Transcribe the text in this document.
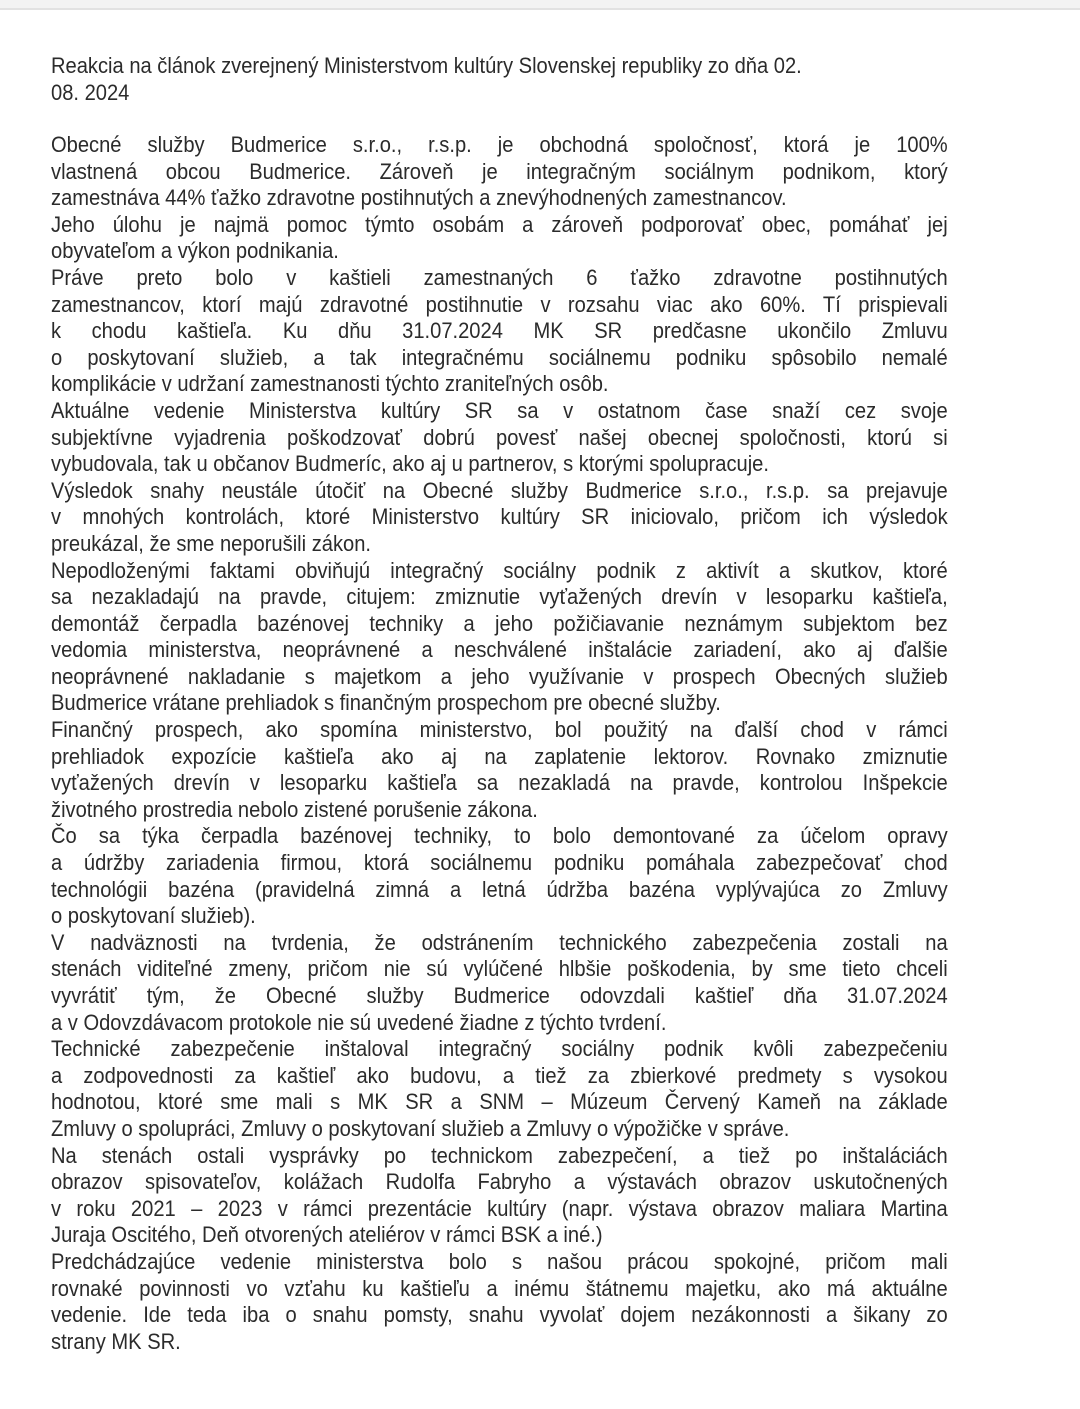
Reakcia na článok zverejnený Ministerstvom kultúry Slovenskej republiky zo dňa 02.
08. 2024
Obecné služby Budmerice s.r.o., r.s.p. je obchodná spoločnosť, ktorá je 100%
vlastnená obcou Budmerice. Zároveň je integračným sociálnym podnikom, ktorý
zamestnáva 44% ťažko zdravotne postihnutých a znevýhodnených zamestnancov.
Jeho úlohu je najmä pomoc týmto osobám a zároveň podporovať obec, pomáhať jej
obyvateľom a výkon podnikania.
Práve preto bolo v kaštieli zamestnaných 6 ťažko zdravotne postihnutých
zamestnancov, ktorí majú zdravotné postihnutie v rozsahu viac ako 60%. Tí prispievali
k chodu kaštieľa. Ku dňu 31.07.2024 MK SR predčasne ukončilo Zmluvu
o poskytovaní služieb, a tak integračnému sociálnemu podniku spôsobilo nemalé
komplikácie v udržaní zamestnanosti týchto zraniteľných osôb.
Aktuálne vedenie Ministerstva kultúry SR sa v ostatnom čase snaží cez svoje
subjektívne vyjadrenia poškodzovať dobrú povesť našej obecnej spoločnosti, ktorú si
vybudovala, tak u občanov Budmeríc, ako aj u partnerov, s ktorými spolupracuje.
Výsledok snahy neustále útočiť na Obecné služby Budmerice s.r.o., r.s.p. sa prejavuje
v mnohých kontrolách, ktoré Ministerstvo kultúry SR iniciovalo, pričom ich výsledok
preukázal, že sme neporušili zákon.
Nepodloženými faktami obviňujú integračný sociálny podnik z aktivít a skutkov, ktoré
sa nezakladajú na pravde, citujem: zmiznutie vyťažených drevín v lesoparku kaštieľa,
demontáž čerpadla bazénovej techniky a jeho požičiavanie neznámym subjektom bez
vedomia ministerstva, neoprávnené a neschválené inštalácie zariadení, ako aj ďalšie
neoprávnené nakladanie s majetkom a jeho využívanie v prospech Obecných služieb
Budmerice vrátane prehliadok s finančným prospechom pre obecné služby.
Finančný prospech, ako spomína ministerstvo, bol použitý na ďalší chod v rámci
prehliadok expozície kaštieľa ako aj na zaplatenie lektorov. Rovnako zmiznutie
vyťažených drevín v lesoparku kaštieľa sa nezakladá na pravde, kontrolou Inšpekcie
životného prostredia nebolo zistené porušenie zákona.
Čo sa týka čerpadla bazénovej techniky, to bolo demontované za účelom opravy
a údržby zariadenia firmou, ktorá sociálnemu podniku pomáhala zabezpečovať chod
technológii bazéna (pravidelná zimná a letná údržba bazéna vyplývajúca zo Zmluvy
o poskytovaní služieb).
V nadväznosti na tvrdenia, že odstránením technického zabezpečenia zostali na
stenách viditeľné zmeny, pričom nie sú vylúčené hlbšie poškodenia, by sme tieto chceli
vyvrátiť tým, že Obecné služby Budmerice odovzdali kaštieľ dňa 31.07.2024
a v Odovzdávacom protokole nie sú uvedené žiadne z týchto tvrdení.
Technické zabezpečenie inštaloval integračný sociálny podnik kvôli zabezpečeniu
a zodpovednosti za kaštieľ ako budovu, a tiež za zbierkové predmety s vysokou
hodnotou, ktoré sme mali s MK SR a SNM – Múzeum Červený Kameň na základe
Zmluvy o spolupráci, Zmluvy o poskytovaní služieb a Zmluvy o výpožičke v správe.
Na stenách ostali vysprávky po technickom zabezpečení, a tiež po inštaláciách
obrazov spisovateľov, kolážach Rudolfa Fabryho a výstavách obrazov uskutočnených
v roku 2021 – 2023 v rámci prezentácie kultúry (napr. výstava obrazov maliara Martina
Juraja Oscitého, Deň otvorených ateliérov v rámci BSK a iné.)
Predchádzajúce vedenie ministerstva bolo s našou prácou spokojné, pričom mali
rovnaké povinnosti vo vzťahu ku kaštieľu a inému štátnemu majetku, ako má aktuálne
vedenie. Ide teda iba o snahu pomsty, snahu vyvolať dojem nezákonnosti a šikany zo
strany MK SR.
